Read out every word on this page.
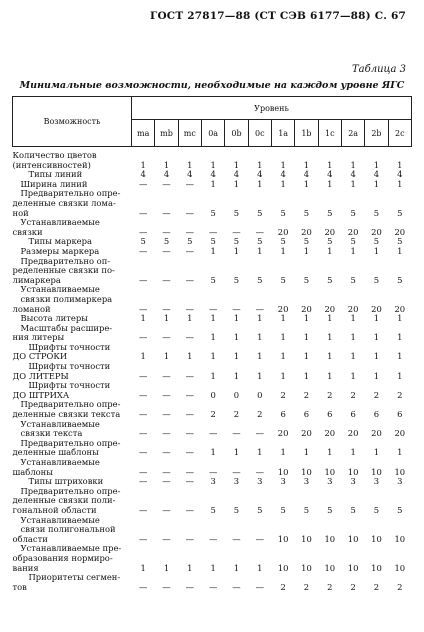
ГОСТ 27817—88 (СТ СЭВ 6177—88) С. 67
Таблица 3
Минимальные возможности, необходимые на каждом уровне ЯГС
Возможность	Уровень											
	ma	mb	mc	0a	0b	0c	1a	1b	1c	2a	2b	2c

Количество цветов
(интенсивностей)	1	1	1	1	1	1	1	1	1	1	1	1

Типы линий	4	4	4	4	4	4	4	4	4	4	4	4

Ширина линий	—	—	—	1	1	1	1	1	1	1	1	1

Предварительно опре-
деленные связки лома-
ной	—	—	—	5	5	5	5	5	5	5	5	5

Устанавливаемые
связки	—	—	—	—	—	—	20	20	20	20	20	20

Типы маркера	5	5	5	5	5	5	5	5	5	5	5	5

Размеры маркера	—	—	—	1	1	1	1	1	1	1	1	1

Предварительно оп-
ределенные связки по-
лимаркера	—	—	—	5	5	5	5	5	5	5	5	5

Устанавливаемые
связки полимаркера
ломаной	—	—	—	—	—	—	20	20	20	20	20	20

Высота литеры	1	1	1	1	1	1	1	1	1	1	1	1

Масштабы расшире-
ния литеры	—	—	—	1	1	1	1	1	1	1	1	1

Шрифты точности
ДО СТРОКИ	1	1	1	1	1	1	1	1	1	1	1	1

Шрифты точности
ДО ЛИТЕРЫ	—	—	—	1	1	1	1	1	1	1	1	1

Шрифты точности
ДО ШТРИХА	—	—	—	0	0	0	2	2	2	2	2	2

Предварительно опре-
деленные связки текста	—	—	—	2	2	2	6	6	6	6	6	6

Устанавливаемые
связки текста	—	—	—	—	—	—	20	20	20	20	20	20

Предварительно опре-
деленные шаблоны	—	—	—	1	1	1	1	1	1	1	1	1

Устанавливаемые
шаблоны	—	—	—	—	—	—	10	10	10	10	10	10

Типы штриховки	—	—	—	3	3	3	3	3	3	3	3	3

Предварительно опре-
деленные связки поли-
гональной области	—	—	—	5	5	5	5	5	5	5	5	5

Устанавливаемые
связи полигональной
области	—	—	—	—	—	—	10	10	10	10	10	10

Устанавливаемые пре-
образования нормиро-
вания	1	1	1	1	1	1	10	10	10	10	10	10

Приоритеты сегмен-
тов	—	—	—	—	—	—	2	2	2	2	2	2
